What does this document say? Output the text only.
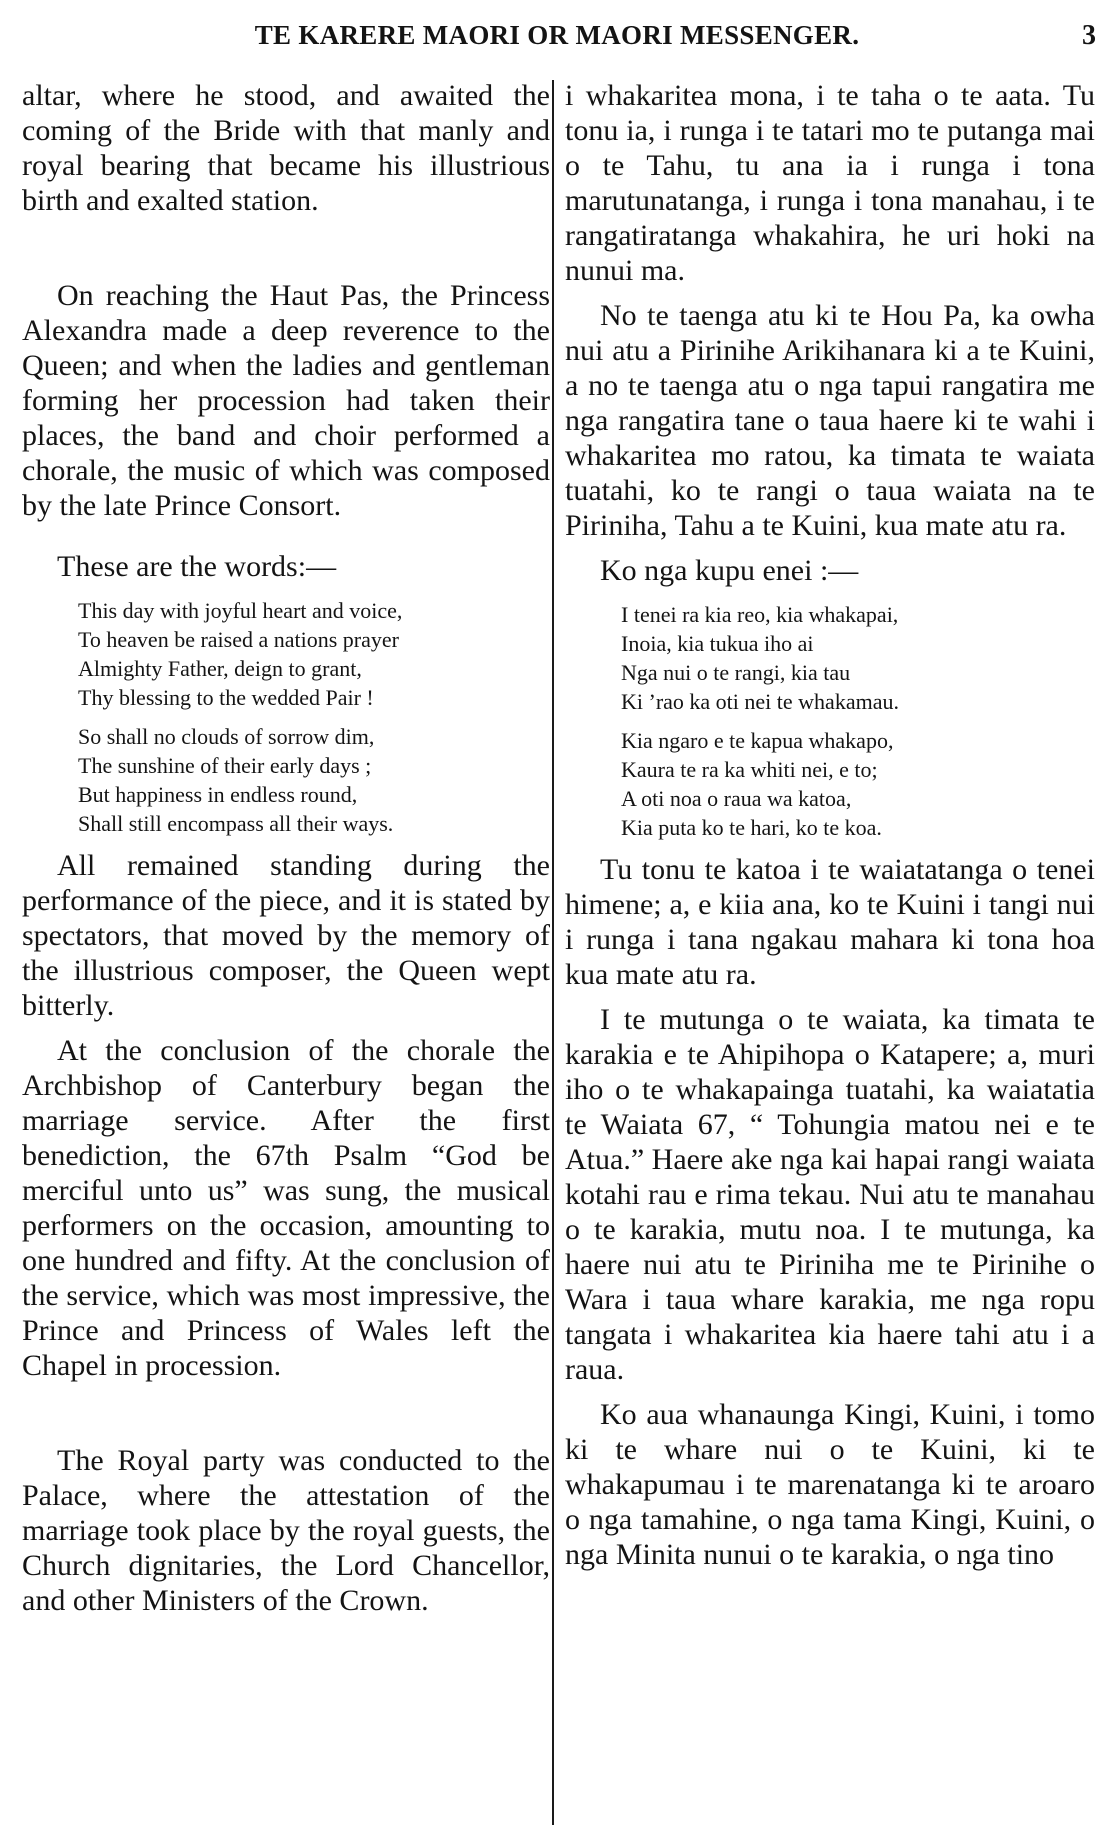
TE KARERE MAORI OR MAORI MESSENGER.	3

altar, where he stood, and awaited the coming of the Bride with that manly and royal bearing that became his illustrious birth and exalted station.

On reaching the Haut Pas, the Princess Alexandra made a deep reverence to the Queen; and when the ladies and gentleman forming her procession had taken their places, the band and choir performed a chorale, the music of which was composed by the late Prince Consort.

These are the words:—

This day with joyful heart and voice,
To heaven be raised a nations prayer
Almighty Father, deign to grant,
Thy blessing to the wedded Pair !
So shall no clouds of sorrow dim,
The sunshine of their early days ;
But happiness in endless round,
Shall still encompass all their ways.

All remained standing during the performance of the piece, and it is stated by spectators, that moved by the memory of the illustrious composer, the Queen wept bitterly.

At the conclusion of the chorale the Archbishop of Canterbury began the marriage service. After the first benediction, the 67th Psalm “God be merciful unto us” was sung, the musical performers on the occasion, amounting to one hundred and fifty. At the conclusion of the service, which was most impressive, the Prince and Princess of Wales left the Chapel in procession.

The Royal party was conducted to the Palace, where the attestation of the marriage took place by the royal guests, the Church dignitaries, the Lord Chancellor, and other Ministers of the Crown.

i whakaritea mona, i te taha o te aata. Tu tonu ia, i runga i te tatari mo te putanga mai o te Tahu, tu ana ia i runga i tona marutunatanga, i runga i tona manahau, i te rangatiratanga whakahira, he uri hoki na nunui ma.

No te taenga atu ki te Hou Pa, ka owha nui atu a Pirinihe Arikihanara ki a te Kuini, a no te taenga atu o nga tapui rangatira me nga rangatira tane o taua haere ki te wahi i whakaritea mo ratou, ka timata te waiata tuatahi, ko te rangi o taua waiata na te Piriniha, Tahu a te Kuini, kua mate atu ra.

Ko nga kupu enei :—

I tenei ra kia reo, kia whakapai,
Inoia, kia tukua iho ai
Nga nui o te rangi, kia tau
Ki ’rao ka oti nei te whakamau.
Kia ngaro e te kapua whakapo,
Kaura te ra ka whiti nei, e to;
A oti noa o raua wa katoa,
Kia puta ko te hari, ko te koa.

Tu tonu te katoa i te waiatatanga o tenei himene; a, e kiia ana, ko te Kuini i tangi nui i runga i tana ngakau mahara ki tona hoa kua mate atu ra.

I te mutunga o te waiata, ka timata te karakia e te Ahipihopa o Katapere; a, muri iho o te whakapainga tuatahi, ka waiatatia te Waiata 67, “ Tohungia matou nei e te Atua.” Haere ake nga kai hapai rangi waiata kotahi rau e rima tekau. Nui atu te manahau o te karakia, mutu noa. I te mutunga, ka haere nui atu te Piriniha me te Pirinihe o Wara i taua whare karakia, me nga ropu tangata i whakaritea kia haere tahi atu i a raua.

Ko aua whanaunga Kingi, Kuini, i tomo ki te whare nui o te Kuini, ki te whakapumau i te marenatanga ki te aroaro o nga tamahine, o nga tama Kingi, Kuini, o nga Minita nunui o te karakia, o nga tino
